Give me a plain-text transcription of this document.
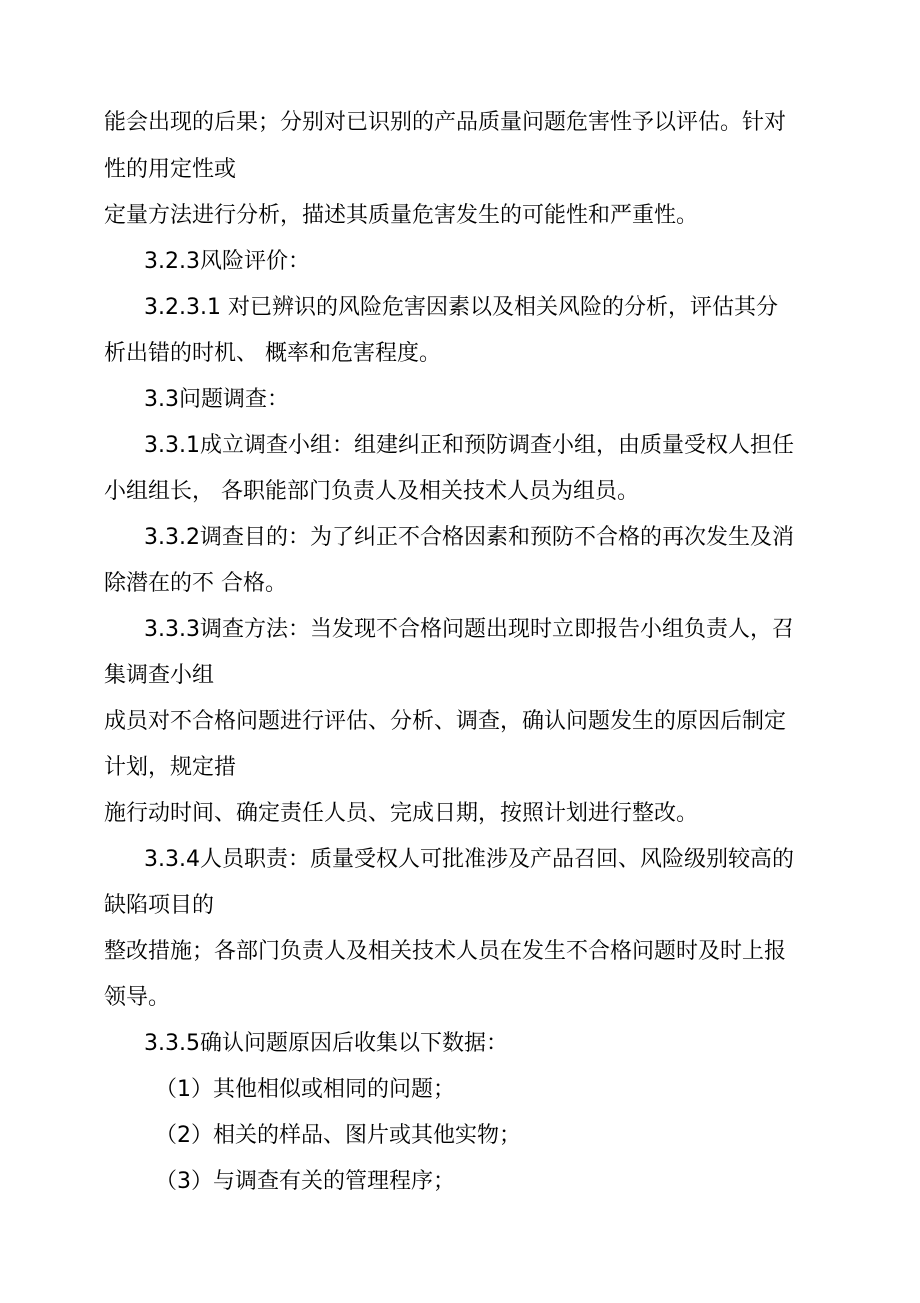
能会出现的后果；分别对已识别的产品质量问题危害性予以评估。针对
性的用定性或
定量方法进行分析，描述其质量危害发生的可能性和严重性。
3.2.3风险评价：
3.2.3.1 对已辨识的风险危害因素以及相关风险的分析，评估其分
析出错的时机、 概率和危害程度。
3.3问题调查：
3.3.1成立调查小组：组建纠正和预防调查小组，由质量受权人担任
小组组长， 各职能部门负责人及相关技术人员为组员。
3.3.2调查目的：为了纠正不合格因素和预防不合格的再次发生及消
除潜在的不 合格。
3.3.3调查方法：当发现不合格问题出现时立即报告小组负责人，召
集调查小组
成员对不合格问题进行评估、分析、调查，确认问题发生的原因后制定
计划，规定措
施行动时间、确定责任人员、完成日期，按照计划进行整改。
3.3.4人员职责：质量受权人可批准涉及产品召回、风险级别较高的
缺陷项目的
整改措施；各部门负责人及相关技术人员在发生不合格问题时及时上报
领导。
3.3.5确认问题原因后收集以下数据：
（1）其他相似或相同的问题；
（2）相关的样品、图片或其他实物；
（3）与调查有关的管理程序；
